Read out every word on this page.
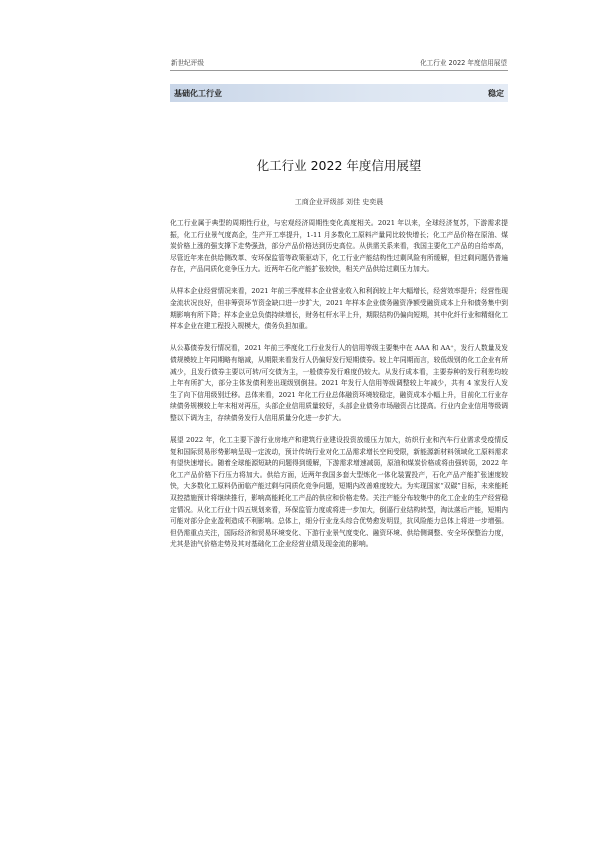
新世纪评级	化工行业 2022 年度信用展望
基础化工行业	稳定
化工行业 2022 年度信用展望
工商企业评级部 刘佳 史奕晨

化工行业属于典型的周期性行业，与宏观经济周期性变化高度相关。2021 年以来，全球经济复苏，下游需求提振，化工行业景气度高企，生产开工率提升，1-11 月多数化工原料产量同比较快增长；化工产品价格在原油、煤炭价格上涨的强支撑下走势强劲，部分产品价格达到历史高位。从供需关系来看，我国主要化工产品的自给率高，尽管近年来在供给侧改革、安环保监管等政策驱动下，化工行业产能结构性过剩风险有所缓解，但过剩问题仍普遍存在，产品同质化竞争压力大。近两年石化产能扩张较快，相关产品供给过剩压力加大。

从样本企业经营情况来看，2021 年前三季度样本企业营业收入和利润较上年大幅增长，经营效率提升；经营性现金流状况良好，但非筹资环节资金缺口进一步扩大，2021 年样本企业债务融资净额受融资成本上升和债务集中到期影响有所下降；样本企业总负债持续增长，财务杠杆水平上升，期限结构仍偏向短期，其中化纤行业和精细化工样本企业在建工程投入规模大，债务负担加重。

从公募债券发行情况看，2021 年前三季度化工行业发行人的信用等级主要集中在 AAA 和 AA⁺，发行人数量及发债规模较上年同期略有缩减，从期限来看发行人仍偏好发行短期债券。较上年同期而言，较低级别的化工企业有所减少，且发行债券主要以可转/可交债为主，一般债券发行难度仍较大。从发行成本看，主要券种的发行利差均较上年有所扩大，部分主体发债利差出现级别倒挂。2021 年发行人信用等级调整较上年减少，共有 4 家发行人发生了向下信用级别迁移。总体来看，2021 年化工行业总体融资环境较稳定，融资成本小幅上升，目前化工行业存续债务规模较上年末相对再压，头部企业信用质量较好，头部企业债务市场融资占比提高。行业内企业信用等级调整以下调为主，存续债务发行人信用质量分化进一步扩大。

展望 2022 年，化工主要下游行业房地产和建筑行业建设投资放缓压力加大，纺织行业和汽车行业需求受疫情反复和国际贸易形势影响呈现一定波动，预计传统行业对化工品需求增长空间受限，新能源新材料领域化工原料需求有望快速增长。随着全球能源短缺的问题得到缓解，下游需求增速减弱，原油和煤炭价格或将由强转弱，2022 年化工产品价格下行压力将加大。供给方面，近两年我国多套大型炼化一体化装置投产，石化产品产能扩张速度较快，大多数化工原料仍面临产能过剩与同质化竞争问题，短期内改善难度较大。为实现国家“双碳”目标，未来能耗双控措施预计将继续推行，影响高能耗化工产品的供应和价格走势。关注产能分布较集中的化工企业的生产经营稳定情况。从化工行业十四五规划来看，环保监管力度或将进一步加大，倒逼行业结构转型，淘汰落后产能，短期内可能对部分企业盈利造成不利影响。总体上，细分行业龙头综合优势愈发明显，抗风险能力总体上将进一步增强。但仍需重点关注，国际经济和贸易环境变化、下游行业景气度变化、融资环境、供给侧调整、安全环保整治力度，尤其是油气价格走势及其对基础化工企业经营业绩及现金流的影响。
